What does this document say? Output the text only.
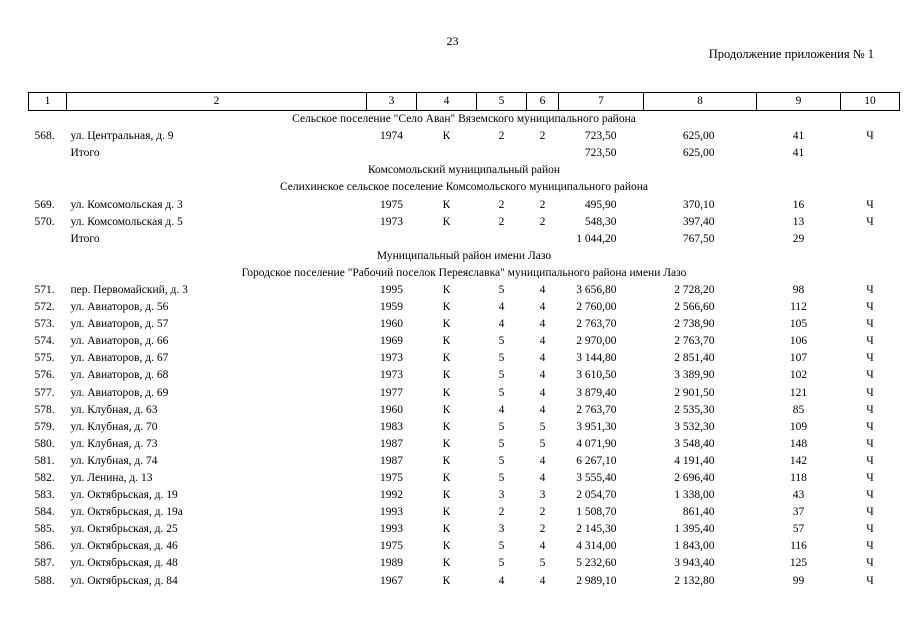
23
Продолжение приложения № 1
1	2	3	4	5	6	7	8	9	10
Сельское поселение "Село Аван" Вяземского муниципального района									
568.	ул. Центральная, д. 9	1974	К	2	2	723,50	625,00	41	Ч
	Итого					723,50	625,00	41	
Комсомольский муниципальный район									
Селихинское сельское поселение Комсомольского муниципального района									
569.	ул. Комсомольская д. 3	1975	К	2	2	495,90	370,10	16	Ч
570.	ул. Комсомольская д. 5	1973	К	2	2	548,30	397,40	13	Ч
	Итого					1 044,20	767,50	29	
Муниципальный район имени Лазо									
Городское поселение "Рабочий поселок Переяславка" муниципального района имени Лазо									
571.	пер. Первомайский, д. 3	1995	К	5	4	3 656,80	2 728,20	98	Ч
572.	ул. Авиаторов, д. 56	1959	К	4	4	2 760,00	2 566,60	112	Ч
573.	ул. Авиаторов, д. 57	1960	К	4	4	2 763,70	2 738,90	105	Ч
574.	ул. Авиаторов, д. 66	1969	К	5	4	2 970,00	2 763,70	106	Ч
575.	ул. Авиаторов, д. 67	1973	К	5	4	3 144,80	2 851,40	107	Ч
576.	ул. Авиаторов, д. 68	1973	К	5	4	3 610,50	3 389,90	102	Ч
577.	ул. Авиаторов, д. 69	1977	К	5	4	3 879,40	2 901,50	121	Ч
578.	ул. Клубная, д. 63	1960	К	4	4	2 763,70	2 535,30	85	Ч
579.	ул. Клубная, д. 70	1983	К	5	5	3 951,30	3 532,30	109	Ч
580.	ул. Клубная, д. 73	1987	К	5	5	4 071,90	3 548,40	148	Ч
581.	ул. Клубная, д. 74	1987	К	5	4	6 267,10	4 191,40	142	Ч
582.	ул. Ленина, д. 13	1975	К	5	4	3 555,40	2 696,40	118	Ч
583.	ул. Октябрьская, д. 19	1992	К	3	3	2 054,70	1 338,00	43	Ч
584.	ул. Октябрьская, д. 19а	1993	К	2	2	1 508,70	861,40	37	Ч
585.	ул. Октябрьская, д. 25	1993	К	3	2	2 145,30	1 395,40	57	Ч
586.	ул. Октябрьская, д. 46	1975	К	5	4	4 314,00	1 843,00	116	Ч
587.	ул. Октябрьская, д. 48	1989	К	5	5	5 232,60	3 943,40	125	Ч
588.	ул. Октябрьская, д. 84	1967	К	4	4	2 989,10	2 132,80	99	Ч
